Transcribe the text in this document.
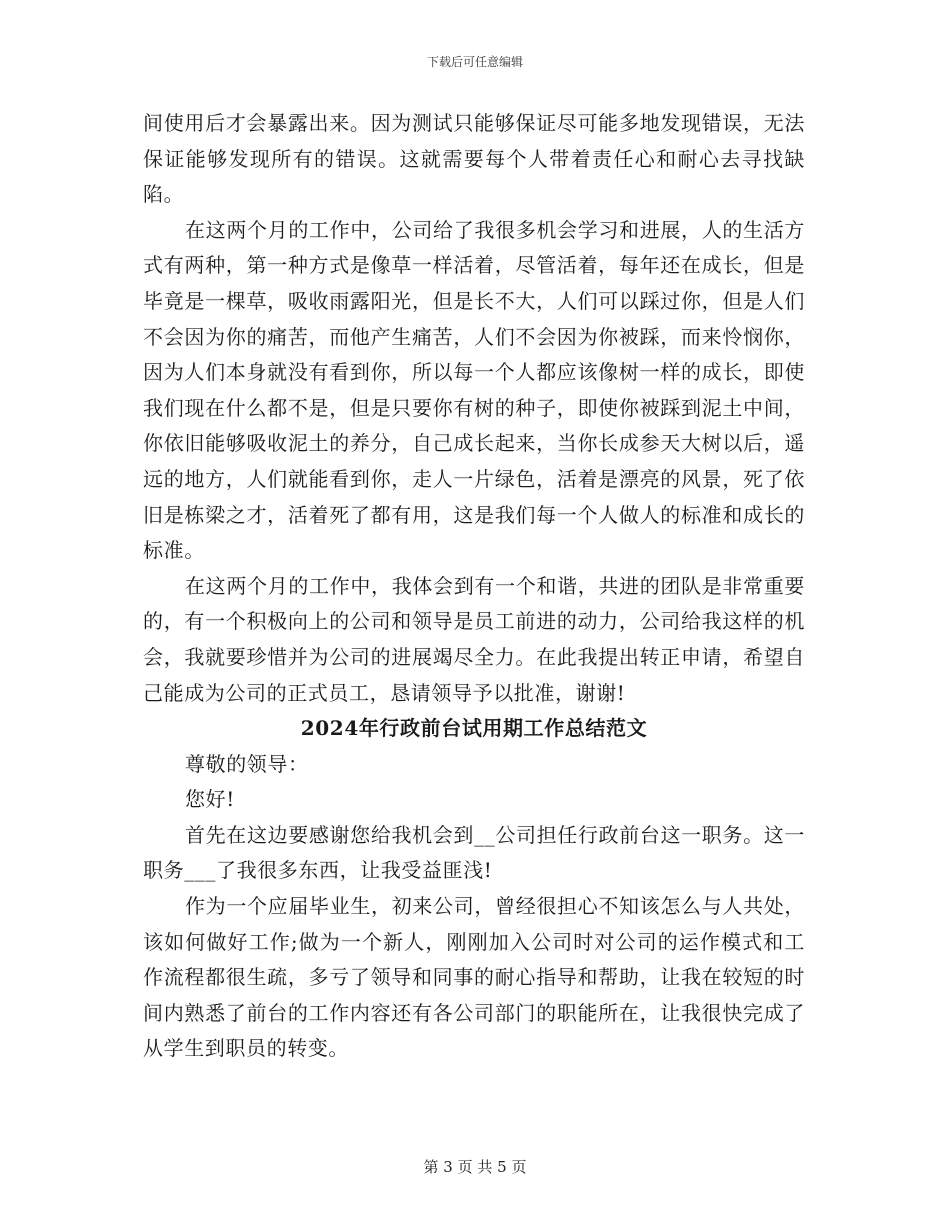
下载后可任意编辑

间使用后才会暴露出来。因为测试只能够保证尽可能多地发现错误，无法保证能够发现所有的错误。这就需要每个人带着责任心和耐心去寻找缺陷。

在这两个月的工作中，公司给了我很多机会学习和进展，人的生活方式有两种，第一种方式是像草一样活着，尽管活着，每年还在成长，但是毕竟是一棵草，吸收雨露阳光，但是长不大，人们可以踩过你，但是人们不会因为你的痛苦，而他产生痛苦，人们不会因为你被踩，而来怜悯你，因为人们本身就没有看到你，所以每一个人都应该像树一样的成长，即使我们现在什么都不是，但是只要你有树的种子，即使你被踩到泥土中间，你依旧能够吸收泥土的养分，自己成长起来，当你长成参天大树以后，遥远的地方，人们就能看到你，走人一片绿色，活着是漂亮的风景，死了依旧是栋梁之才，活着死了都有用，这是我们每一个人做人的标准和成长的标准。

在这两个月的工作中，我体会到有一个和谐，共进的团队是非常重要的，有一个积极向上的公司和领导是员工前进的动力，公司给我这样的机会，我就要珍惜并为公司的进展竭尽全力。在此我提出转正申请，希望自己能成为公司的正式员工，恳请领导予以批准，谢谢!

2024年行政前台试用期工作总结范文

尊敬的领导：

您好!

首先在这边要感谢您给我机会到__公司担任行政前台这一职务。这一职务___了我很多东西，让我受益匪浅!

作为一个应届毕业生，初来公司，曾经很担心不知该怎么与人共处，该如何做好工作;做为一个新人，刚刚加入公司时对公司的运作模式和工作流程都很生疏，多亏了领导和同事的耐心指导和帮助，让我在较短的时间内熟悉了前台的工作内容还有各公司部门的职能所在，让我很快完成了从学生到职员的转变。

第 3 页 共 5 页
